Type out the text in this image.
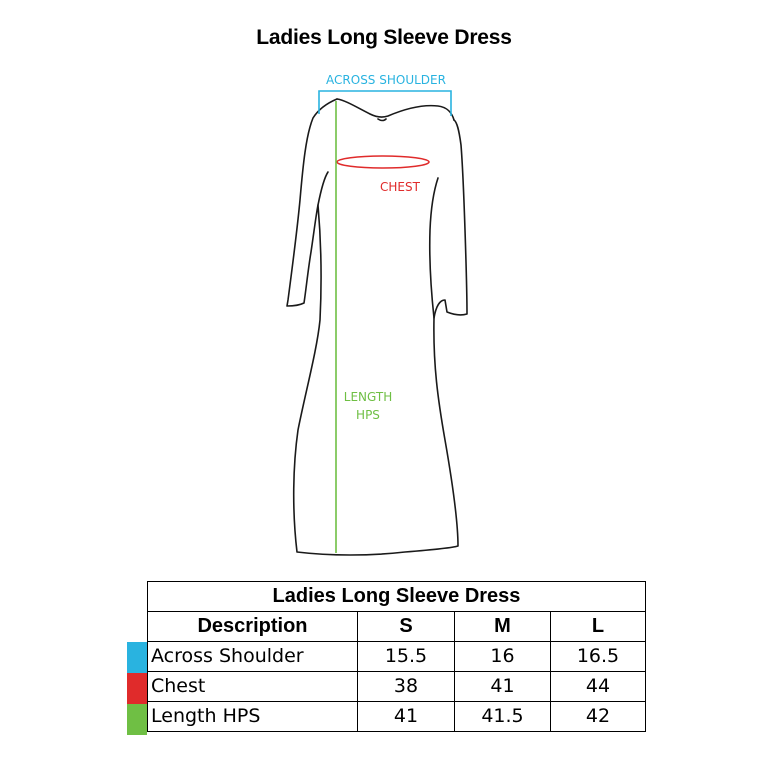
Ladies Long Sleeve Dress
ACROSS SHOULDER
CHEST
LENGTH
HPS
Ladies Long Sleeve Dress			
Description	S	M	L
Across Shoulder	15.5	16	16.5
Chest	38	41	44
Length HPS	41	41.5	42
